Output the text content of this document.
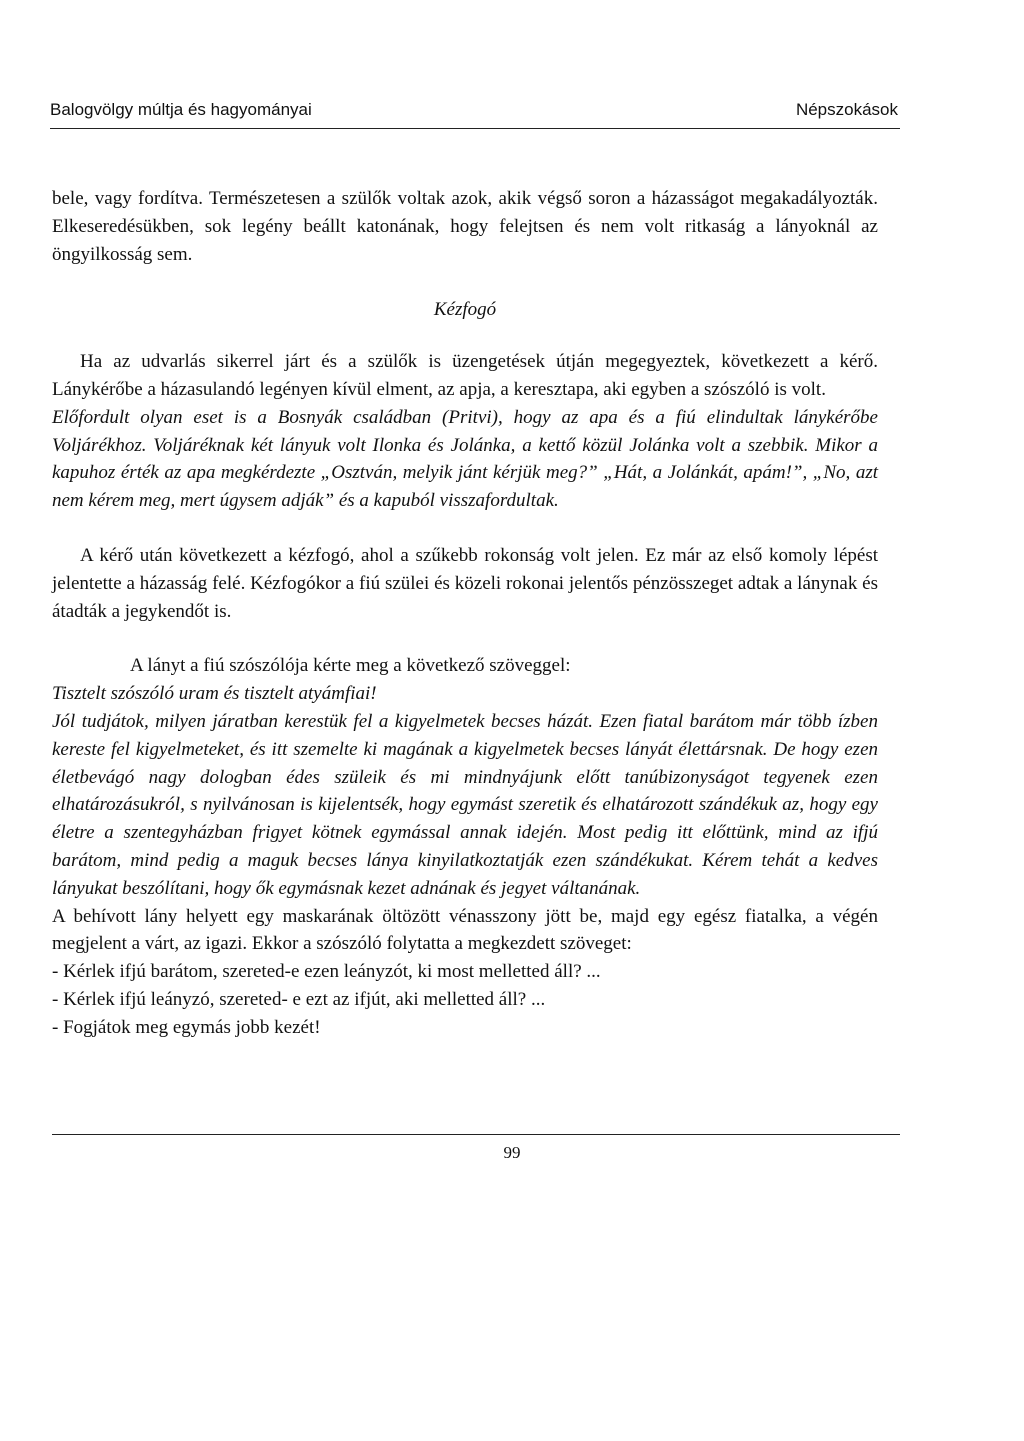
Balogvölgy múltja és hagyományai	Népszokások

bele, vagy fordítva. Természetesen a szülők voltak azok, akik végső soron a házasságot megakadályozták. Elkeseredésükben, sok legény beállt katonának, hogy felejtsen és nem volt ritkaság a lányoknál az öngyilkosság sem.

Kézfogó

Ha az udvarlás sikerrel járt és a szülők is üzengetések útján megegyeztek, következett a kérő. Lánykérőbe a házasulandó legényen kívül elment, az apja, a keresztapa, aki egyben a szószóló is volt.

Előfordult olyan eset is a Bosnyák családban (Pritvi), hogy az apa és a fiú elindultak lánykérőbe Voljárékhoz. Voljáréknak két lányuk volt Ilonka és Jolánka, a kettő közül Jolánka volt a szebbik. Mikor a kapuhoz érték az apa megkérdezte „Osztván, melyik jánt kérjük meg?” „Hát, a Jolánkát, apám!”, „No, azt nem kérem meg, mert úgysem adják” és a kapuból visszafordultak.

A kérő után következett a kézfogó, ahol a szűkebb rokonság volt jelen. Ez már az első komoly lépést jelentette a házasság felé. Kézfogókor a fiú szülei és közeli rokonai jelentős pénzösszeget adtak a lánynak és átadták a jegykendőt is.

A lányt a fiú szószólója kérte meg a következő szöveggel:

Tisztelt szószóló uram és tisztelt atyámfiai!

Jól tudjátok, milyen járatban kerestük fel a kigyelmetek becses házát. Ezen fiatal barátom már több ízben kereste fel kigyelmeteket, és itt szemelte ki magának a kigyelmetek becses lányát élettársnak. De hogy ezen életbevágó nagy dologban édes szüleik és mi mindnyájunk előtt tanúbizonyságot tegyenek ezen elhatározásukról, s nyilvánosan is kijelentsék, hogy egymást szeretik és elhatározott szándékuk az, hogy egy életre a szentegyházban frigyet kötnek egymással annak idején. Most pedig itt előttünk, mind az ifjú barátom, mind pedig a maguk becses lánya kinyilatkoztatják ezen szándékukat. Kérem tehát a kedves lányukat beszólítani, hogy ők egymásnak kezet adnának és jegyet váltanának.

A behívott lány helyett egy maskarának öltözött vénasszony jött be, majd egy egész fiatalka, a végén megjelent a várt, az igazi. Ekkor a szószóló folytatta a megkezdett szöveget:

- Kérlek ifjú barátom, szereted-e ezen leányzót, ki most melletted áll? ...

- Kérlek ifjú leányzó, szereted- e ezt az ifjút, aki melletted áll? ...

- Fogjátok meg egymás jobb kezét!

99
